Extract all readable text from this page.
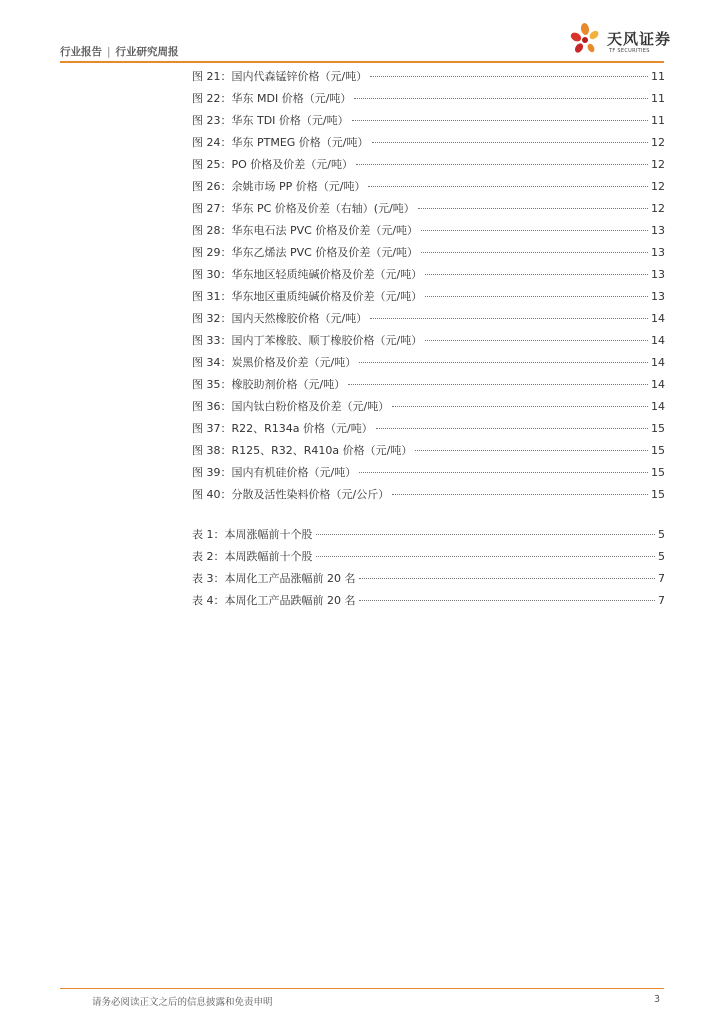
行业报告 | 行业研究周报
天风证券
TF SECURITIES
图 21：国内代森锰锌价格（元/吨）	11
图 22：华东 MDI 价格（元/吨）	11
图 23：华东 TDI 价格（元/吨）	11
图 24：华东 PTMEG 价格（元/吨）	12
图 25：PO 价格及价差（元/吨）	12
图 26：余姚市场 PP 价格（元/吨）	12
图 27：华东 PC 价格及价差（右轴）(元/吨）	12
图 28：华东电石法 PVC 价格及价差（元/吨）	13
图 29：华东乙烯法 PVC 价格及价差（元/吨）	13
图 30：华东地区轻质纯碱价格及价差（元/吨）	13
图 31：华东地区重质纯碱价格及价差（元/吨）	13
图 32：国内天然橡胶价格（元/吨）	14
图 33：国内丁苯橡胶、顺丁橡胶价格（元/吨）	14
图 34：炭黑价格及价差（元/吨）	14
图 35：橡胶助剂价格（元/吨）	14
图 36：国内钛白粉价格及价差（元/吨）	14
图 37：R22、R134a 价格（元/吨）	15
图 38：R125、R32、R410a 价格（元/吨）	15
图 39：国内有机硅价格（元/吨）	15
图 40：分散及活性染料价格（元/公斤）	15
表 1：本周涨幅前十个股	5
表 2：本周跌幅前十个股	5
表 3：本周化工产品涨幅前 20 名	7
表 4：本周化工产品跌幅前 20 名	7
请务必阅读正文之后的信息披露和免责申明	3
